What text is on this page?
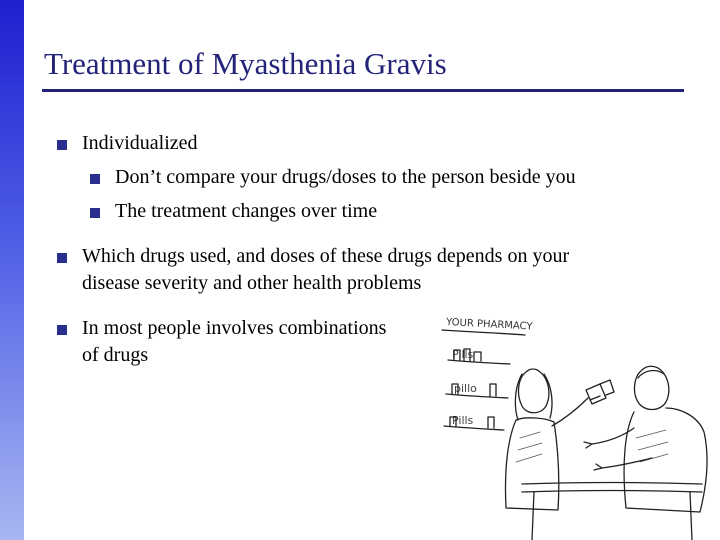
Treatment of Myasthenia Gravis
Individualized
Don’t compare your drugs/doses to the person beside you
The treatment changes over time
Which drugs used, and doses of these drugs depends on your
disease severity and other health problems
In most people involves combinations
of drugs
YOUR PHARMACY
Pills
pillo
Pills
